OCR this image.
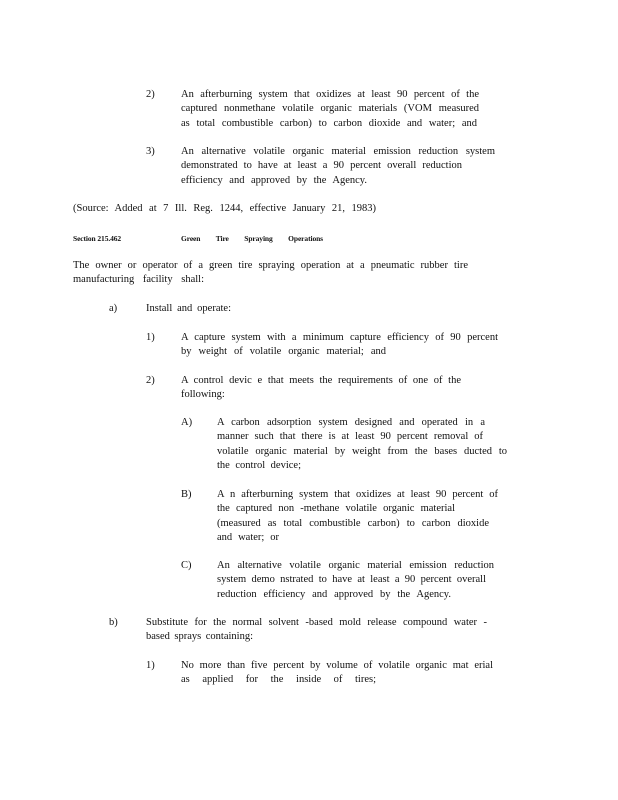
2)	An afterburning system that oxidizes at least 90 percent of the
captured nonmethane volatile organic materials (VOM measured
as total combustible carbon) to carbon dioxide and water; and
3)	An alternative volatile organic material emission reduction system
demonstrated to have at least a 90 percent overall reduction
efficiency and approved by the Agency.
(Source: Added at 7 Ill. Reg. 1244, effective January 21, 1983)
Section 215.462	Green Tire Spraying Operations
The owner or operator of a green tire spraying operation at a pneumatic rubber tire
manufacturing facility shall:
a)	Install and operate:
1)	A capture system with a minimum capture efficiency of 90 percent
by weight of volatile organic material; and
2)	A control devic e that meets the requirements of one of the
following:
A) A carbon adsorption system designed and operated in a
manner such that there is at least 90 percent removal of
volatile organic material by weight from the bases ducted to
the control device;
B) A n afterburning system that oxidizes at least 90 percent of
the captured non -methane volatile organic material
(measured as total combustible carbon) to carbon dioxide
and water; or
C) An alternative volatile organic material emission reduction
system demo nstrated to have at least a 90 percent overall
reduction efficiency and approved by the Agency.
b)	Substitute for the normal solvent -based mold release compound water -
based sprays containing:
1)	No more than five percent by volume of volatile organic mat erial
as applied for the inside of tires;
